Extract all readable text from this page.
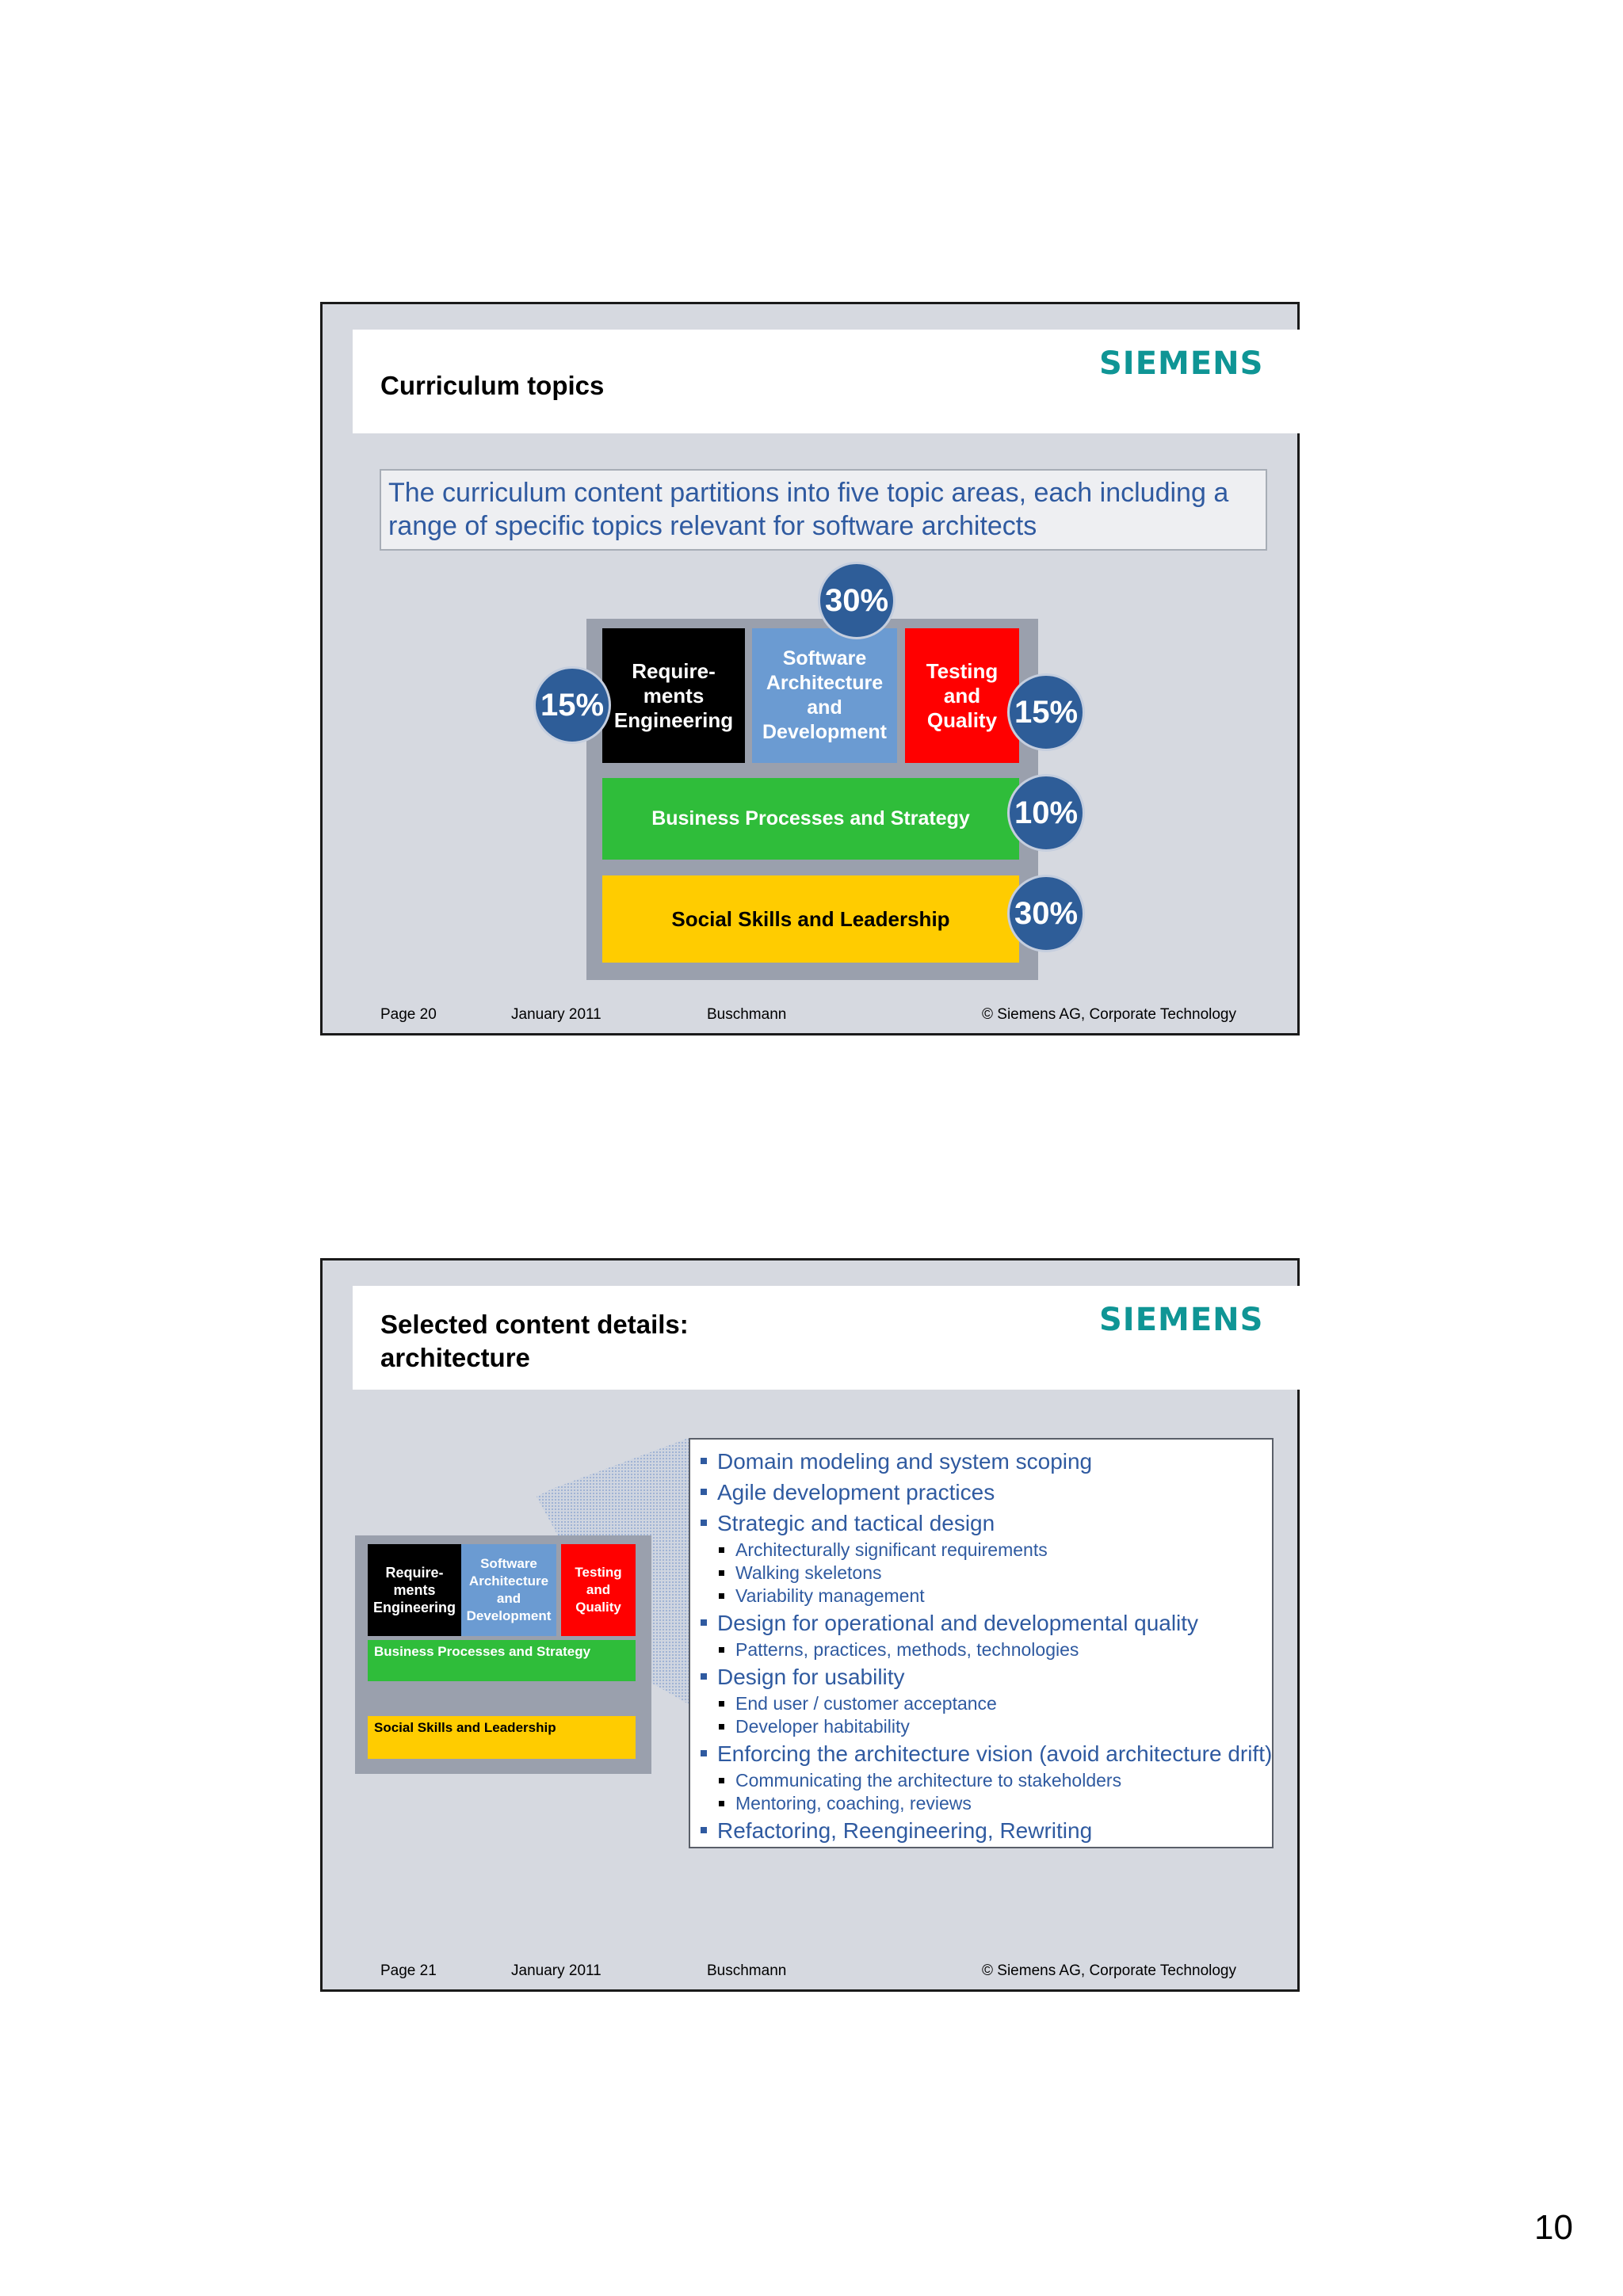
Curriculum topics
SIEMENS
The curriculum content partitions into five topic areas, each including a range of specific topics relevant for software architects
Require-
ments
Engineering
Software
Architecture
and
Development
Testing
and
Quality
Business Processes and Strategy
Social Skills and Leadership
30%
15%	15%
10%
30%
Page 20	January 2011	Buschmann	© Siemens AG, Corporate Technology
Selected content details:
architecture
SIEMENS
Require-
ments
Engineering
Software
Architecture
and
Development
Testing
and
Quality
Business Processes and Strategy
Social Skills and Leadership
Domain modeling and system scoping
Agile development practices
Strategic and tactical design
Architecturally significant requirements
Walking skeletons
Variability management
Design for operational and developmental quality
Patterns, practices, methods, technologies
Design for usability
End user / customer acceptance
Developer habitability
Enforcing the architecture vision (avoid architecture drift)
Communicating the architecture to stakeholders
Mentoring, coaching, reviews
Refactoring, Reengineering, Rewriting
Page 21	January 2011	Buschmann	© Siemens AG, Corporate Technology
10
